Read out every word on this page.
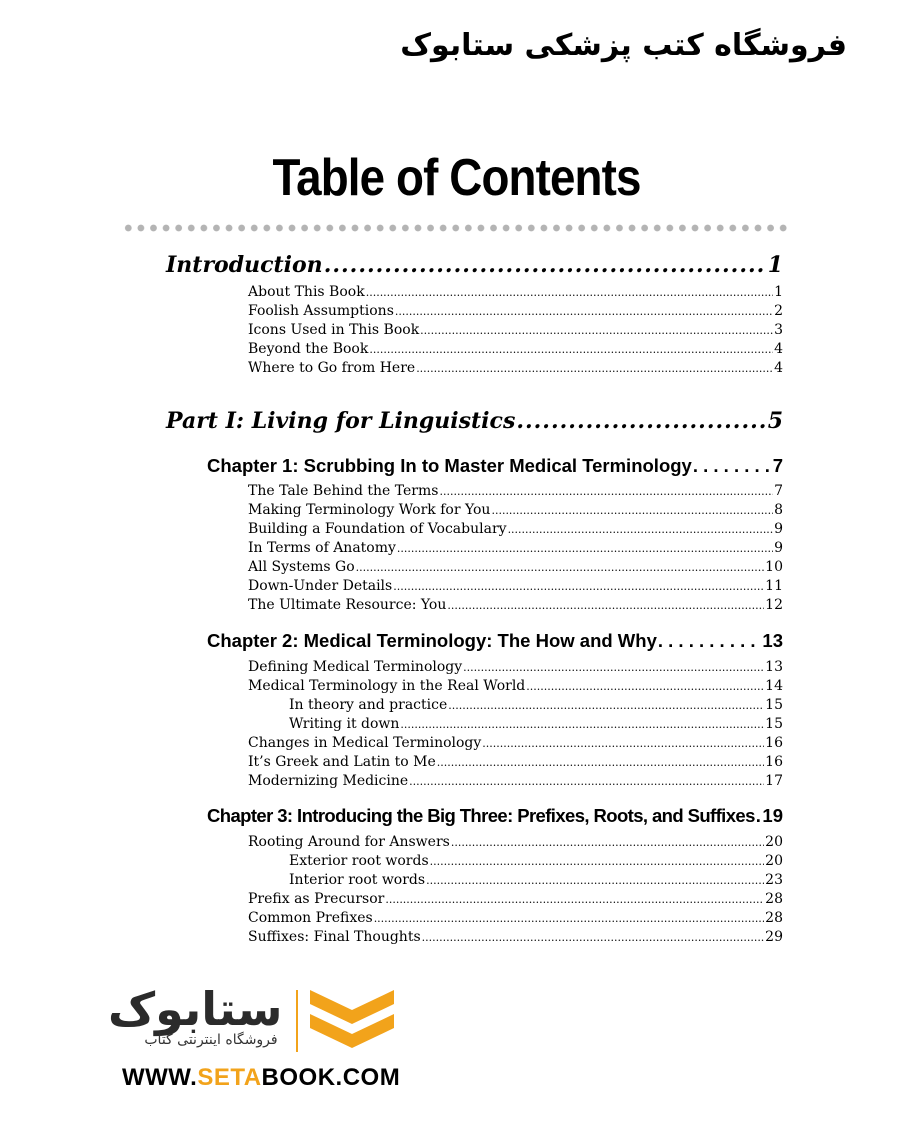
فروشگاه کتب پزشکی ستابوک
Table of Contents
Introduction .....	1
About This Book .....	1
Foolish Assumptions .....	2
Icons Used in This Book .....	3
Beyond the Book .....	4
Where to Go from Here .....	4
Part I: Living for Linguistics .....	5
Chapter 1: Scrubbing In to Master Medical Terminology . . .	7
The Tale Behind the Terms .....	7
Making Terminology Work for You .....	8
Building a Foundation of Vocabulary .....	9
In Terms of Anatomy .....	9
All Systems Go .....	10
Down-Under Details .....	11
The Ultimate Resource: You .....	12
Chapter 2: Medical Terminology: The How and Why . . .	13
Defining Medical Terminology .....	13
Medical Terminology in the Real World .....	14
In theory and practice .....	15
Writing it down .....	15
Changes in Medical Terminology .....	16
It’s Greek and Latin to Me .....	16
Modernizing Medicine .....	17
Chapter 3: Introducing the Big Three: Prefixes, Roots, and Suffixes . . . 19
Rooting Around for Answers .....	20
Exterior root words .....	20
Interior root words .....	23
Prefix as Precursor .....	28
Common Prefixes .....	28
Suffixes: Final Thoughts .....	29
ستابوک
فروشگاه اینترنتی کتاب
WWW.SETABOOK.COM
